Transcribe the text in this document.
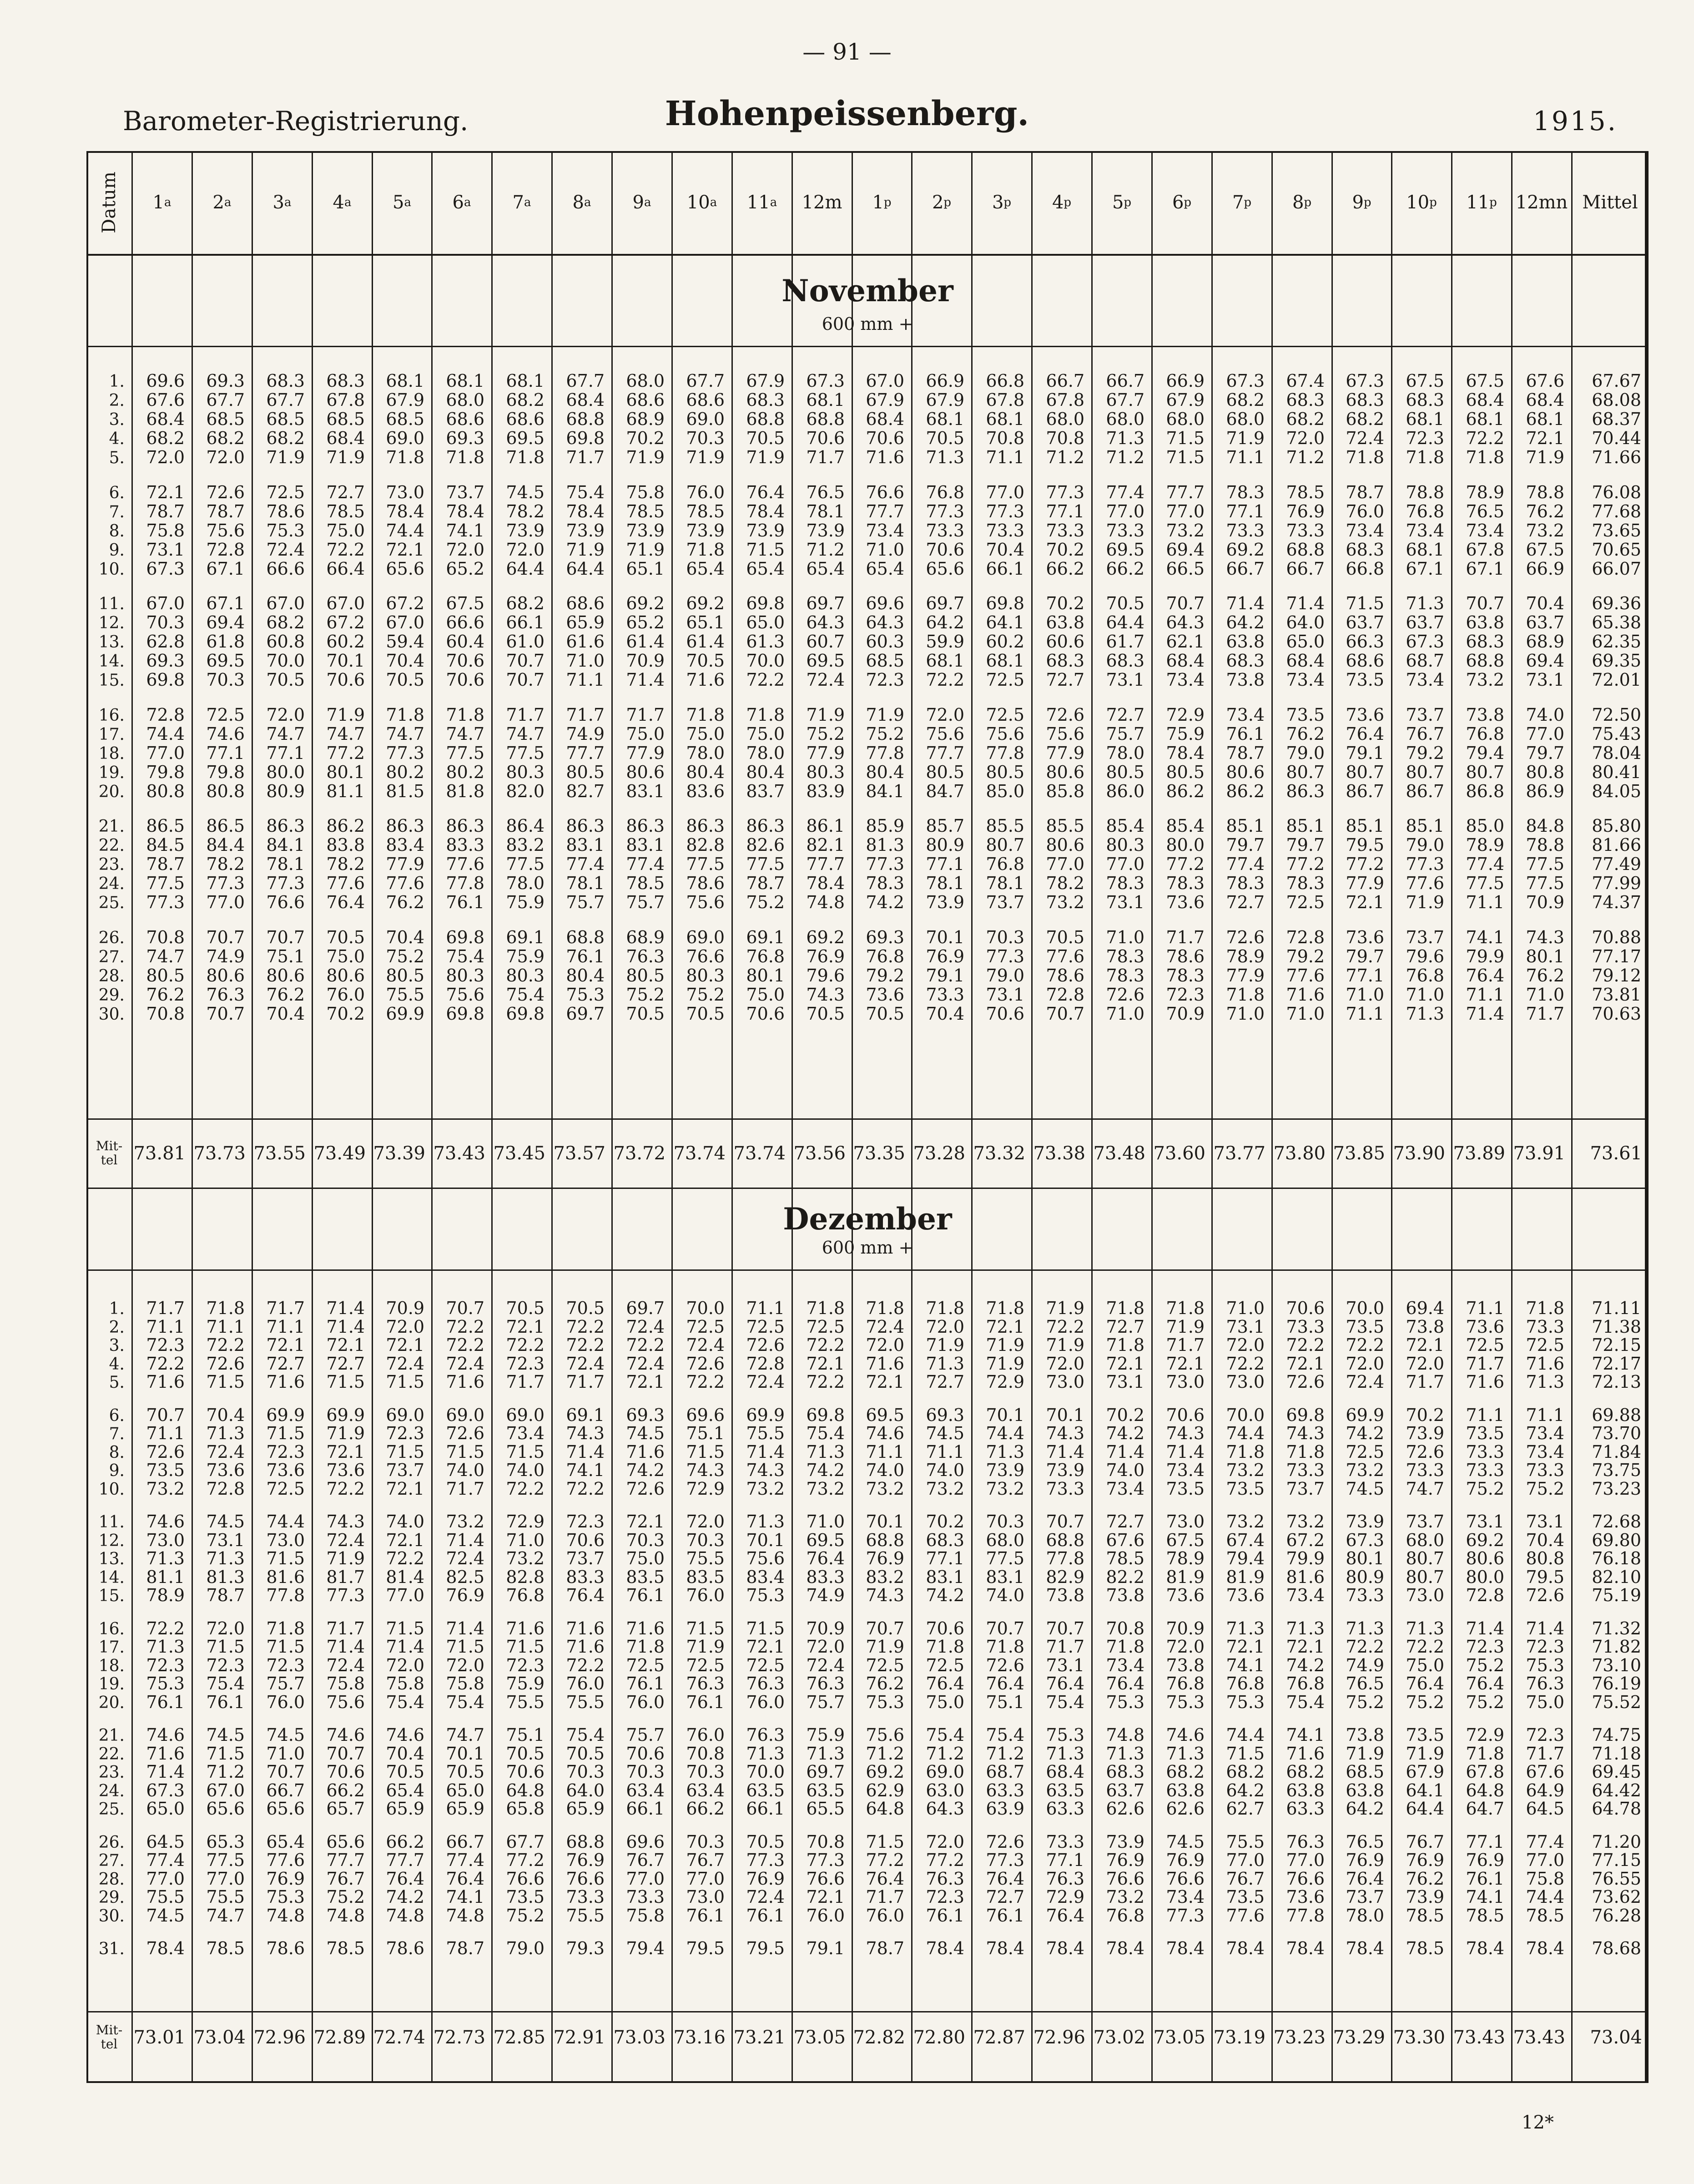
— 91 —
Barometer-Registrierung.	Hohenpeissenberg.	1915.
Datum 1 a 2 a 3 a 4 a 5 a 6 a 7 a 8 a 9 a 10 a 11 a 12m 1 p 2 p 3 p 4 p 5 p 6 p 7 p 8 p 9 p 10 p 11 p 12mn Mittel
12*
November
600 mm +
1.	69.6	69.3	68.3	68.3	68.1	68.1	68.1	67.7	68.0	67.7	67.9	67.3	67.0	66.9	66.8	66.7	66.7	66.9	67.3	67.4	67.3	67.5	67.5	67.6	67.67
2.	67.6	67.7	67.7	67.8	67.9	68.0	68.2	68.4	68.6	68.6	68.3	68.1	67.9	67.9	67.8	67.8	67.7	67.9	68.2	68.3	68.3	68.3	68.4	68.4	68.08
3.	68.4	68.5	68.5	68.5	68.5	68.6	68.6	68.8	68.9	69.0	68.8	68.8	68.4	68.1	68.1	68.0	68.0	68.0	68.0	68.2	68.2	68.1	68.1	68.1	68.37
4.	68.2	68.2	68.2	68.4	69.0	69.3	69.5	69.8	70.2	70.3	70.5	70.6	70.6	70.5	70.8	70.8	71.3	71.5	71.9	72.0	72.4	72.3	72.2	72.1	70.44
5.	72.0	72.0	71.9	71.9	71.8	71.8	71.8	71.7	71.9	71.9	71.9	71.7	71.6	71.3	71.1	71.2	71.2	71.5	71.1	71.2	71.8	71.8	71.8	71.9	71.66
6.	72.1	72.6	72.5	72.7	73.0	73.7	74.5	75.4	75.8	76.0	76.4	76.5	76.6	76.8	77.0	77.3	77.4	77.7	78.3	78.5	78.7	78.8	78.9	78.8	76.08
7.	78.7	78.7	78.6	78.5	78.4	78.4	78.2	78.4	78.5	78.5	78.4	78.1	77.7	77.3	77.3	77.1	77.0	77.0	77.1	76.9	76.0	76.8	76.5	76.2	77.68
8.	75.8	75.6	75.3	75.0	74.4	74.1	73.9	73.9	73.9	73.9	73.9	73.9	73.4	73.3	73.3	73.3	73.3	73.2	73.3	73.3	73.4	73.4	73.4	73.2	73.65
9.	73.1	72.8	72.4	72.2	72.1	72.0	72.0	71.9	71.9	71.8	71.5	71.2	71.0	70.6	70.4	70.2	69.5	69.4	69.2	68.8	68.3	68.1	67.8	67.5	70.65
10.	67.3	67.1	66.6	66.4	65.6	65.2	64.4	64.4	65.1	65.4	65.4	65.4	65.4	65.6	66.1	66.2	66.2	66.5	66.7	66.7	66.8	67.1	67.1	66.9	66.07
11.	67.0	67.1	67.0	67.0	67.2	67.5	68.2	68.6	69.2	69.2	69.8	69.7	69.6	69.7	69.8	70.2	70.5	70.7	71.4	71.4	71.5	71.3	70.7	70.4	69.36
12.	70.3	69.4	68.2	67.2	67.0	66.6	66.1	65.9	65.2	65.1	65.0	64.3	64.3	64.2	64.1	63.8	64.4	64.3	64.2	64.0	63.7	63.7	63.8	63.7	65.38
13.	62.8	61.8	60.8	60.2	59.4	60.4	61.0	61.6	61.4	61.4	61.3	60.7	60.3	59.9	60.2	60.6	61.7	62.1	63.8	65.0	66.3	67.3	68.3	68.9	62.35
14.	69.3	69.5	70.0	70.1	70.4	70.6	70.7	71.0	70.9	70.5	70.0	69.5	68.5	68.1	68.1	68.3	68.3	68.4	68.3	68.4	68.6	68.7	68.8	69.4	69.35
15.	69.8	70.3	70.5	70.6	70.5	70.6	70.7	71.1	71.4	71.6	72.2	72.4	72.3	72.2	72.5	72.7	73.1	73.4	73.8	73.4	73.5	73.4	73.2	73.1	72.01
16.	72.8	72.5	72.0	71.9	71.8	71.8	71.7	71.7	71.7	71.8	71.8	71.9	71.9	72.0	72.5	72.6	72.7	72.9	73.4	73.5	73.6	73.7	73.8	74.0	72.50
17.	74.4	74.6	74.7	74.7	74.7	74.7	74.7	74.9	75.0	75.0	75.0	75.2	75.2	75.6	75.6	75.6	75.7	75.9	76.1	76.2	76.4	76.7	76.8	77.0	75.43
18.	77.0	77.1	77.1	77.2	77.3	77.5	77.5	77.7	77.9	78.0	78.0	77.9	77.8	77.7	77.8	77.9	78.0	78.4	78.7	79.0	79.1	79.2	79.4	79.7	78.04
19.	79.8	79.8	80.0	80.1	80.2	80.2	80.3	80.5	80.6	80.4	80.4	80.3	80.4	80.5	80.5	80.6	80.5	80.5	80.6	80.7	80.7	80.7	80.7	80.8	80.41
20.	80.8	80.8	80.9	81.1	81.5	81.8	82.0	82.7	83.1	83.6	83.7	83.9	84.1	84.7	85.0	85.8	86.0	86.2	86.2	86.3	86.7	86.7	86.8	86.9	84.05
21.	86.5	86.5	86.3	86.2	86.3	86.3	86.4	86.3	86.3	86.3	86.3	86.1	85.9	85.7	85.5	85.5	85.4	85.4	85.1	85.1	85.1	85.1	85.0	84.8	85.80
22.	84.5	84.4	84.1	83.8	83.4	83.3	83.2	83.1	83.1	82.8	82.6	82.1	81.3	80.9	80.7	80.6	80.3	80.0	79.7	79.7	79.5	79.0	78.9	78.8	81.66
23.	78.7	78.2	78.1	78.2	77.9	77.6	77.5	77.4	77.4	77.5	77.5	77.7	77.3	77.1	76.8	77.0	77.0	77.2	77.4	77.2	77.2	77.3	77.4	77.5	77.49
24.	77.5	77.3	77.3	77.6	77.6	77.8	78.0	78.1	78.5	78.6	78.7	78.4	78.3	78.1	78.1	78.2	78.3	78.3	78.3	78.3	77.9	77.6	77.5	77.5	77.99
25.	77.3	77.0	76.6	76.4	76.2	76.1	75.9	75.7	75.7	75.6	75.2	74.8	74.2	73.9	73.7	73.2	73.1	73.6	72.7	72.5	72.1	71.9	71.1	70.9	74.37
26.	70.8	70.7	70.7	70.5	70.4	69.8	69.1	68.8	68.9	69.0	69.1	69.2	69.3	70.1	70.3	70.5	71.0	71.7	72.6	72.8	73.6	73.7	74.1	74.3	70.88
27.	74.7	74.9	75.1	75.0	75.2	75.4	75.9	76.1	76.3	76.6	76.8	76.9	76.8	76.9	77.3	77.6	78.3	78.6	78.9	79.2	79.7	79.6	79.9	80.1	77.17
28.	80.5	80.6	80.6	80.6	80.5	80.3	80.3	80.4	80.5	80.3	80.1	79.6	79.2	79.1	79.0	78.6	78.3	78.3	77.9	77.6	77.1	76.8	76.4	76.2	79.12
29.	76.2	76.3	76.2	76.0	75.5	75.6	75.4	75.3	75.2	75.2	75.0	74.3	73.6	73.3	73.1	72.8	72.6	72.3	71.8	71.6	71.0	71.0	71.1	71.0	73.81
30.	70.8	70.7	70.4	70.2	69.9	69.8	69.8	69.7	70.5	70.5	70.6	70.5	70.5	70.4	70.6	70.7	71.0	70.9	71.0	71.0	71.1	71.3	71.4	71.7	70.63
Mit-
tel 73.81 73.73 73.55 73.49 73.39 73.43 73.45 73.57 73.72 73.74 73.74 73.56 73.35 73.28 73.32 73.38 73.48 73.60 73.77 73.80 73.85 73.90 73.89 73.91	73.61
Dezember
600 mm +
1.	71.7	71.8	71.7	71.4	70.9	70.7	70.5	70.5	69.7	70.0	71.1	71.8	71.8	71.8	71.8	71.9	71.8	71.8	71.0	70.6	70.0	69.4	71.1	71.8	71.11
2.	71.1	71.1	71.1	71.4	72.0	72.2	72.1	72.2	72.4	72.5	72.5	72.5	72.4	72.0	72.1	72.2	72.7	71.9	73.1	73.3	73.5	73.8	73.6	73.3	71.38
3.	72.3	72.2	72.1	72.1	72.1	72.2	72.2	72.2	72.2	72.4	72.6	72.2	72.0	71.9	71.9	71.9	71.8	71.7	72.0	72.2	72.2	72.1	72.5	72.5	72.15
4.	72.2	72.6	72.7	72.7	72.4	72.4	72.3	72.4	72.4	72.6	72.8	72.1	71.6	71.3	71.9	72.0	72.1	72.1	72.2	72.1	72.0	72.0	71.7	71.6	72.17
5.	71.6	71.5	71.6	71.5	71.5	71.6	71.7	71.7	72.1	72.2	72.4	72.2	72.1	72.7	72.9	73.0	73.1	73.0	73.0	72.6	72.4	71.7	71.6	71.3	72.13
6.	70.7	70.4	69.9	69.9	69.0	69.0	69.0	69.1	69.3	69.6	69.9	69.8	69.5	69.3	70.1	70.1	70.2	70.6	70.0	69.8	69.9	70.2	71.1	71.1	69.88
7.	71.1	71.3	71.5	71.9	72.3	72.6	73.4	74.3	74.5	75.1	75.5	75.4	74.6	74.5	74.4	74.3	74.2	74.3	74.4	74.3	74.2	73.9	73.5	73.4	73.70
8.	72.6	72.4	72.3	72.1	71.5	71.5	71.5	71.4	71.6	71.5	71.4	71.3	71.1	71.1	71.3	71.4	71.4	71.4	71.8	71.8	72.5	72.6	73.3	73.4	71.84
9.	73.5	73.6	73.6	73.6	73.7	74.0	74.0	74.1	74.2	74.3	74.3	74.2	74.0	74.0	73.9	73.9	74.0	73.4	73.2	73.3	73.2	73.3	73.3	73.3	73.75
10.	73.2	72.8	72.5	72.2	72.1	71.7	72.2	72.2	72.6	72.9	73.2	73.2	73.2	73.2	73.2	73.3	73.4	73.5	73.5	73.7	74.5	74.7	75.2	75.2	73.23
11.	74.6	74.5	74.4	74.3	74.0	73.2	72.9	72.3	72.1	72.0	71.3	71.0	70.1	70.2	70.3	70.7	72.7	73.0	73.2	73.2	73.9	73.7	73.1	73.1	72.68
12.	73.0	73.1	73.0	72.4	72.1	71.4	71.0	70.6	70.3	70.3	70.1	69.5	68.8	68.3	68.0	68.8	67.6	67.5	67.4	67.2	67.3	68.0	69.2	70.4	69.80
13.	71.3	71.3	71.5	71.9	72.2	72.4	73.2	73.7	75.0	75.5	75.6	76.4	76.9	77.1	77.5	77.8	78.5	78.9	79.4	79.9	80.1	80.7	80.6	80.8	76.18
14.	81.1	81.3	81.6	81.7	81.4	82.5	82.8	83.3	83.5	83.5	83.4	83.3	83.2	83.1	83.1	82.9	82.2	81.9	81.9	81.6	80.9	80.7	80.0	79.5	82.10
15.	78.9	78.7	77.8	77.3	77.0	76.9	76.8	76.4	76.1	76.0	75.3	74.9	74.3	74.2	74.0	73.8	73.8	73.6	73.6	73.4	73.3	73.0	72.8	72.6	75.19
16.	72.2	72.0	71.8	71.7	71.5	71.4	71.6	71.6	71.6	71.5	71.5	70.9	70.7	70.6	70.7	70.7	70.8	70.9	71.3	71.3	71.3	71.3	71.4	71.4	71.32
17.	71.3	71.5	71.5	71.4	71.4	71.5	71.5	71.6	71.8	71.9	72.1	72.0	71.9	71.8	71.8	71.7	71.8	72.0	72.1	72.1	72.2	72.2	72.3	72.3	71.82
18.	72.3	72.3	72.3	72.4	72.0	72.0	72.3	72.2	72.5	72.5	72.5	72.4	72.5	72.5	72.6	73.1	73.4	73.8	74.1	74.2	74.9	75.0	75.2	75.3	73.10
19.	75.3	75.4	75.7	75.8	75.8	75.8	75.9	76.0	76.1	76.3	76.3	76.3	76.2	76.4	76.4	76.4	76.4	76.8	76.8	76.8	76.5	76.4	76.4	76.3	76.19
20.	76.1	76.1	76.0	75.6	75.4	75.4	75.5	75.5	76.0	76.1	76.0	75.7	75.3	75.0	75.1	75.4	75.3	75.3	75.3	75.4	75.2	75.2	75.2	75.0	75.52
21.	74.6	74.5	74.5	74.6	74.6	74.7	75.1	75.4	75.7	76.0	76.3	75.9	75.6	75.4	75.4	75.3	74.8	74.6	74.4	74.1	73.8	73.5	72.9	72.3	74.75
22.	71.6	71.5	71.0	70.7	70.4	70.1	70.5	70.5	70.6	70.8	71.3	71.3	71.2	71.2	71.2	71.3	71.3	71.3	71.5	71.6	71.9	71.9	71.8	71.7	71.18
23.	71.4	71.2	70.7	70.6	70.5	70.5	70.6	70.3	70.3	70.3	70.0	69.7	69.2	69.0	68.7	68.4	68.3	68.2	68.2	68.2	68.5	67.9	67.8	67.6	69.45
24.	67.3	67.0	66.7	66.2	65.4	65.0	64.8	64.0	63.4	63.4	63.5	63.5	62.9	63.0	63.3	63.5	63.7	63.8	64.2	63.8	63.8	64.1	64.8	64.9	64.42
25.	65.0	65.6	65.6	65.7	65.9	65.9	65.8	65.9	66.1	66.2	66.1	65.5	64.8	64.3	63.9	63.3	62.6	62.6	62.7	63.3	64.2	64.4	64.7	64.5	64.78
26.	64.5	65.3	65.4	65.6	66.2	66.7	67.7	68.8	69.6	70.3	70.5	70.8	71.5	72.0	72.6	73.3	73.9	74.5	75.5	76.3	76.5	76.7	77.1	77.4	71.20
27.	77.4	77.5	77.6	77.7	77.7	77.4	77.2	76.9	76.7	76.7	77.3	77.3	77.2	77.2	77.3	77.1	76.9	76.9	77.0	77.0	76.9	76.9	76.9	77.0	77.15
28.	77.0	77.0	76.9	76.7	76.4	76.4	76.6	76.6	77.0	77.0	76.9	76.6	76.4	76.3	76.4	76.3	76.6	76.6	76.7	76.6	76.4	76.2	76.1	75.8	76.55
29.	75.5	75.5	75.3	75.2	74.2	74.1	73.5	73.3	73.3	73.0	72.4	72.1	71.7	72.3	72.7	72.9	73.2	73.4	73.5	73.6	73.7	73.9	74.1	74.4	73.62
30.	74.5	74.7	74.8	74.8	74.8	74.8	75.2	75.5	75.8	76.1	76.1	76.0	76.0	76.1	76.1	76.4	76.8	77.3	77.6	77.8	78.0	78.5	78.5	78.5	76.28
31.	78.4	78.5	78.6	78.5	78.6	78.7	79.0	79.3	79.4	79.5	79.5	79.1	78.7	78.4	78.4	78.4	78.4	78.4	78.4	78.4	78.4	78.5	78.4	78.4	78.68
Mit-
tel 73.01 73.04 72.96 72.89 72.74 72.73 72.85 72.91 73.03 73.16 73.21 73.05 72.82 72.80 72.87 72.96 73.02 73.05 73.19 73.23 73.29 73.30 73.43 73.43	73.04
